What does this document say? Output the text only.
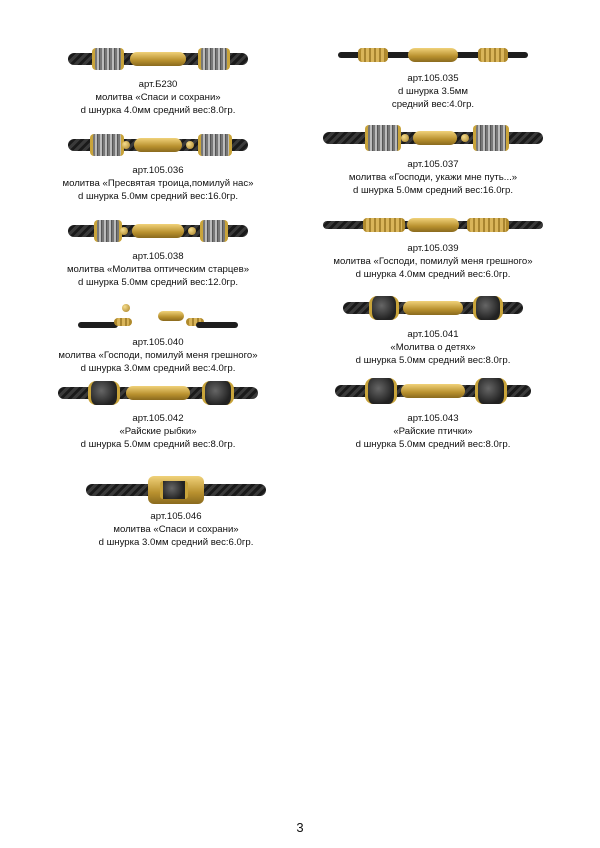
арт.Б230
молитва «Спаси и сохрани»
d шнурка 4.0мм средний вес:8.0гр.
арт.105.035
d шнурка 3.5мм
средний вес:4.0гр.
арт.105.036
молитва «Пресвятая троица,помилуй нас»
d шнурка 5.0мм средний вес:16.0гр.
арт.105.037
молитва «Господи, укажи мне путь...»
d шнурка 5.0мм средний вес:16.0гр.
арт.105.038
молитва «Молитва оптическим старцев»
d шнурка 5.0мм средний вес:12.0гр.
арт.105.039
молитва «Господи, помилуй меня грешного»
d шнурка 4.0мм средний вес:6.0гр.
арт.105.040
молитва «Господи, помилуй меня грешного»
d шнурка 3.0мм средний вес:4.0гр.
арт.105.041
«Молитва о детях»
d шнурка 5.0мм средний вес:8.0гр.
арт.105.042
«Райские рыбки»
d шнурка 5.0мм средний вес:8.0гр.
арт.105.043
«Райские птички»
d шнурка 5.0мм средний вес:8.0гр.
арт.105.046
молитва «Спаси и сохрани»
d шнурка 3.0мм средний вес:6.0гр.
3
